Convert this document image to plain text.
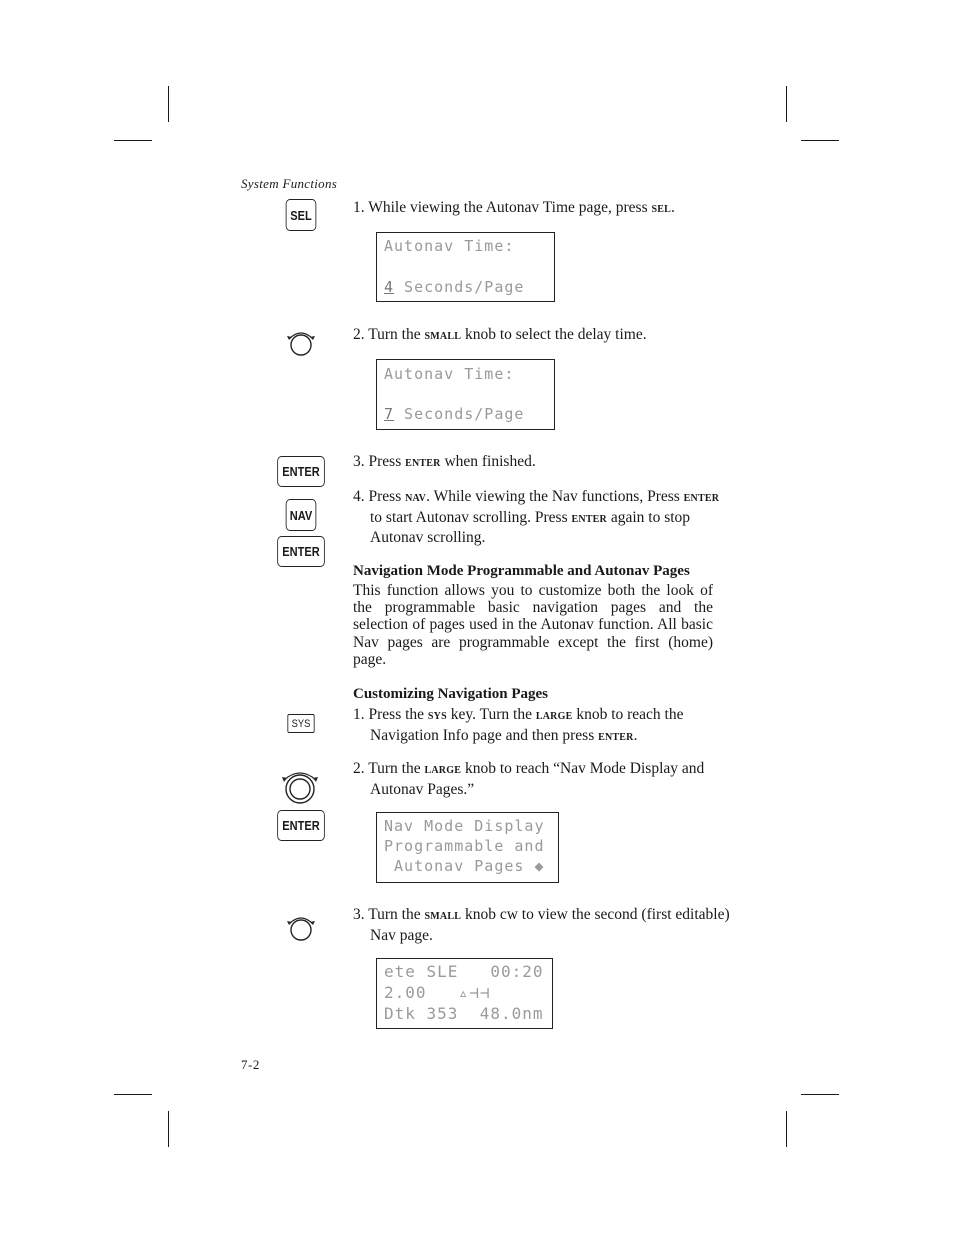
System Functions
7-2
SEL
ENTER
NAV
ENTER
SYS
ENTER
1. While viewing the Autonav Time page, press sel.

Autonav Time:

4 Seconds/Page

2. Turn the small knob to select the delay time.

Autonav Time:

7 Seconds/Page

3. Press enter when finished.
4. Press nav. While viewing the Nav functions, Press enter to start Autonav scrolling. Press enter again to stop Autonav scrolling.
Navigation Mode Programmable and Autonav Pages
This function allows you to customize both the look of the programmable basic navigation pages and the selection of pages used in the Autonav function. All basic Nav pages are programmable except the first (home) page.
Customizing Navigation Pages
1. Press the sys key. Turn the large knob to reach the Navigation Info page and then press enter.
2. Turn the large knob to reach “Nav Mode Display and Autonav Pages.”

Nav Mode Display

Programmable and

Autonav Pages ◆

3. Turn the small knob cw to view the second (first editable) Nav page.

ete SLE   00:20

2.00   ▵⊣⊣

Dtk 353  48.0nm
